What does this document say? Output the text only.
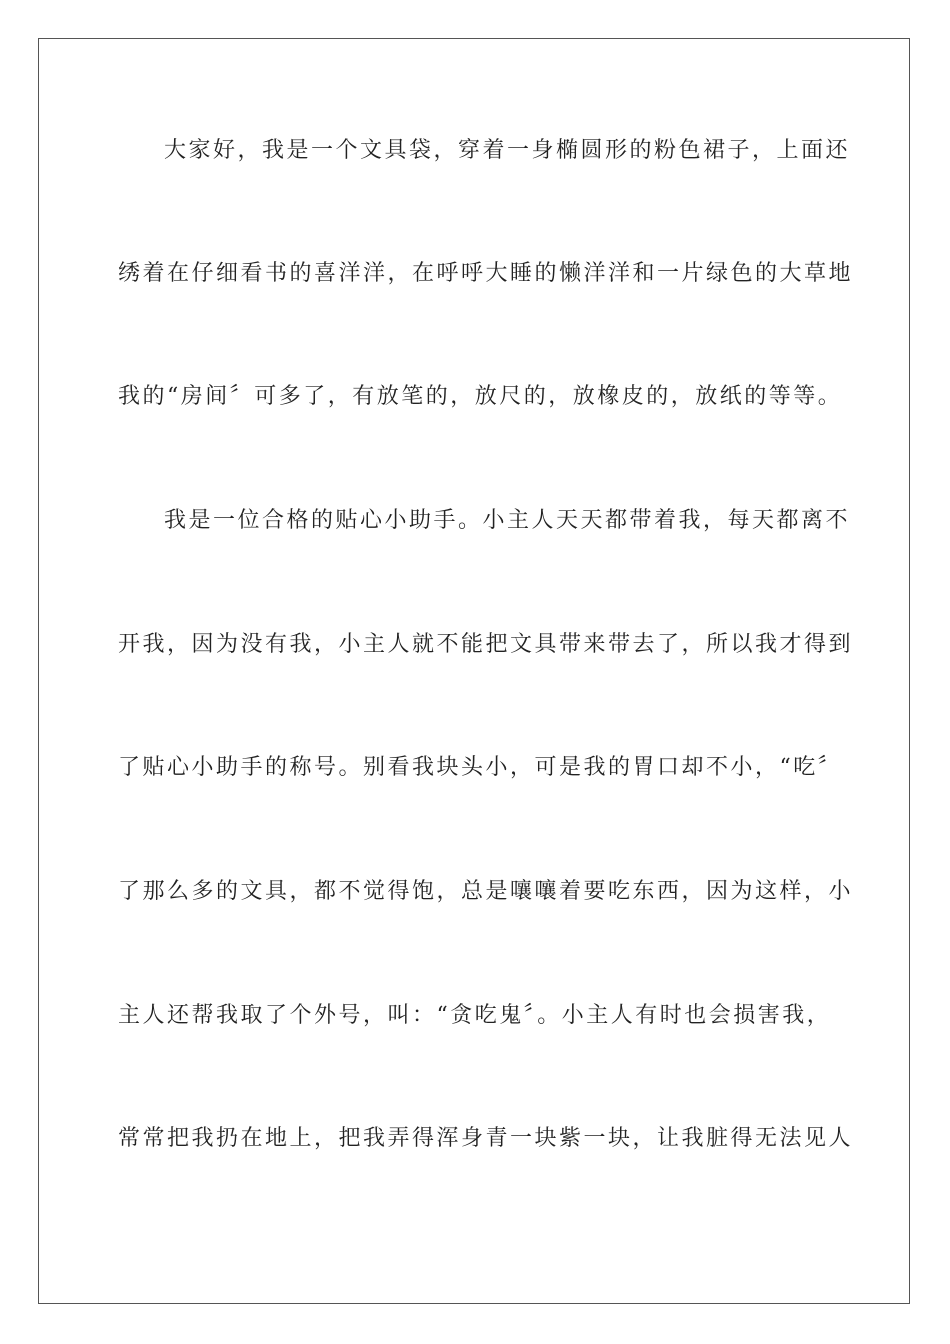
大家好，我是一个文具袋，穿着一身椭圆形的粉色裙子，上面还
绣着在仔细看书的喜洋洋，在呼呼大睡的懒洋洋和一片绿色的大草地
我的“房间〞可多了，有放笔的，放尺的，放橡皮的，放纸的等等。
我是一位合格的贴心小助手。小主人天天都带着我，每天都离不
开我，因为没有我，小主人就不能把文具带来带去了，所以我才得到
了贴心小助手的称号。别看我块头小，可是我的胃口却不小，“吃〞
了那么多的文具，都不觉得饱，总是嚷嚷着要吃东西，因为这样，小
主人还帮我取了个外号，叫：“贪吃鬼〞。小主人有时也会损害我，
常常把我扔在地上，把我弄得浑身青一块紫一块，让我脏得无法见人
